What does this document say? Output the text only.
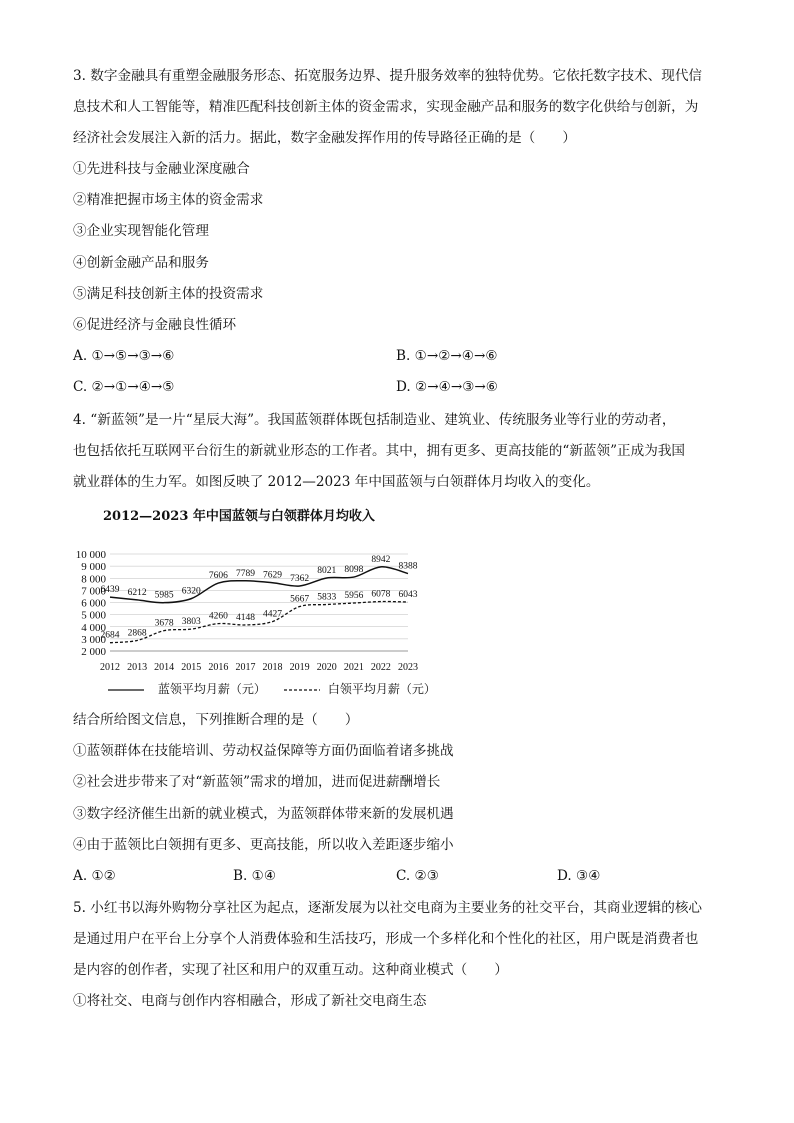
3. 数字金融具有重塑金融服务形态、拓宽服务边界、提升服务效率的独特优势。它依托数字技术、现代信
息技术和人工智能等，精准匹配科技创新主体的资金需求，实现金融产品和服务的数字化供给与创新，为
经济社会发展注入新的活力。据此，数字金融发挥作用的传导路径正确的是（　　）
①先进科技与金融业深度融合
②精准把握市场主体的资金需求
③企业实现智能化管理
④创新金融产品和服务
⑤满足科技创新主体的投资需求
⑥促进经济与金融良性循环
A. ①→⑤→③→⑥	B. ①→②→④→⑥
C. ②→①→④→⑤	D. ②→④→③→⑥
4. “新蓝领”是一片“星辰大海”。我国蓝领群体既包括制造业、建筑业、传统服务业等行业的劳动者，
也包括依托互联网平台衍生的新就业形态的工作者。其中，拥有更多、更高技能的“新蓝领”正成为我国
就业群体的生力军。如图反映了 2012—2023 年中国蓝领与白领群体月均收入的变化。
2012—2023 年中国蓝领与白领群体月均收入
2 000
3 000
4 000
5 000
6 000
7 000
8 000
9 000
10 000
2012 2013 2014 2015 2016 2017 2018 2019 2020 2021 2022 2023
6439 6212 5985 6320
7606 7789 7629 7362
8021 8098
8942
8388
2684 2868
3678 3803
4260 4148 4427
5667 5833 5956 6078 6043
蓝领平均月薪（元）	白领平均月薪（元）
结合所给图文信息，下列推断合理的是（　　）
①蓝领群体在技能培训、劳动权益保障等方面仍面临着诸多挑战
②社会进步带来了对“新蓝领”需求的增加，进而促进薪酬增长
③数字经济催生出新的就业模式，为蓝领群体带来新的发展机遇
④由于蓝领比白领拥有更多、更高技能，所以收入差距逐步缩小
A. ①②	B. ①④	C. ②③	D. ③④
5. 小红书以海外购物分享社区为起点，逐渐发展为以社交电商为主要业务的社交平台，其商业逻辑的核心
是通过用户在平台上分享个人消费体验和生活技巧，形成一个多样化和个性化的社区，用户既是消费者也
是内容的创作者，实现了社区和用户的双重互动。这种商业模式（　　）
①将社交、电商与创作内容相融合，形成了新社交电商生态
